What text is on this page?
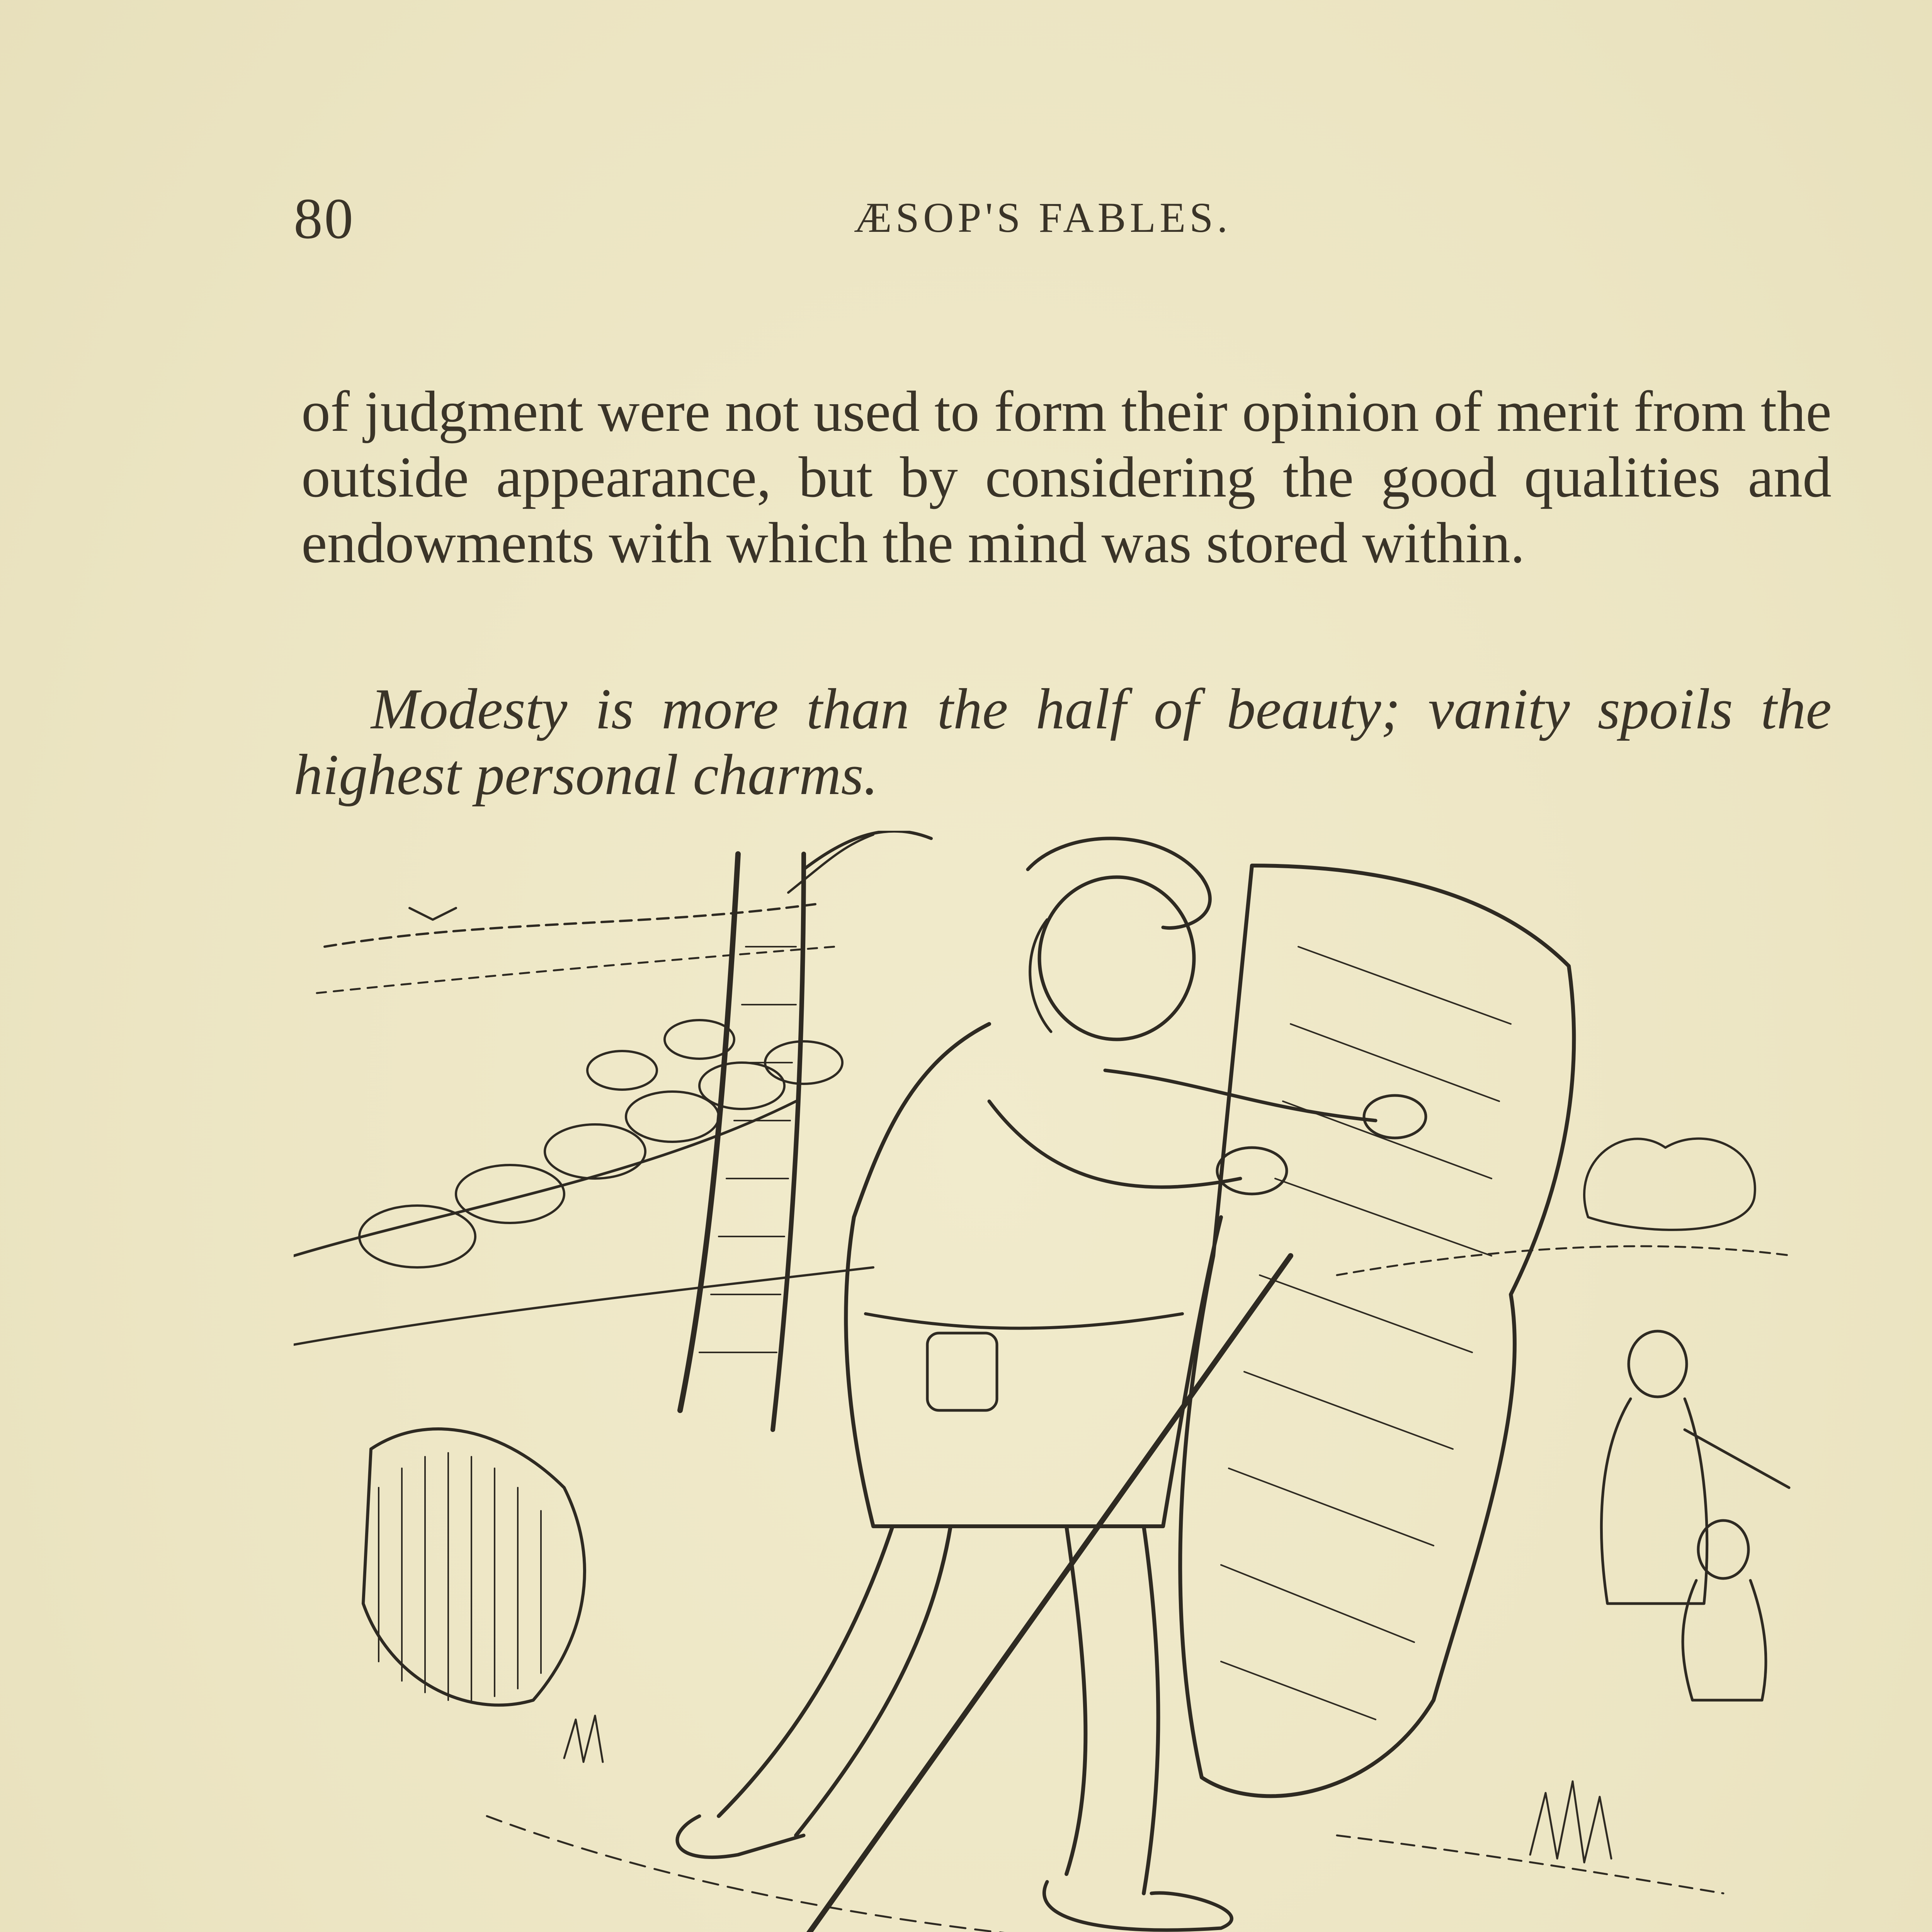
80	ÆSOP'S FABLES.

of judgment were not used to form their opinion of merit from the outside appearance, but by considering the good qualities and endowments with which the mind was stored within.

Modesty is more than the half of beauty; vanity spoils the highest personal charms.
